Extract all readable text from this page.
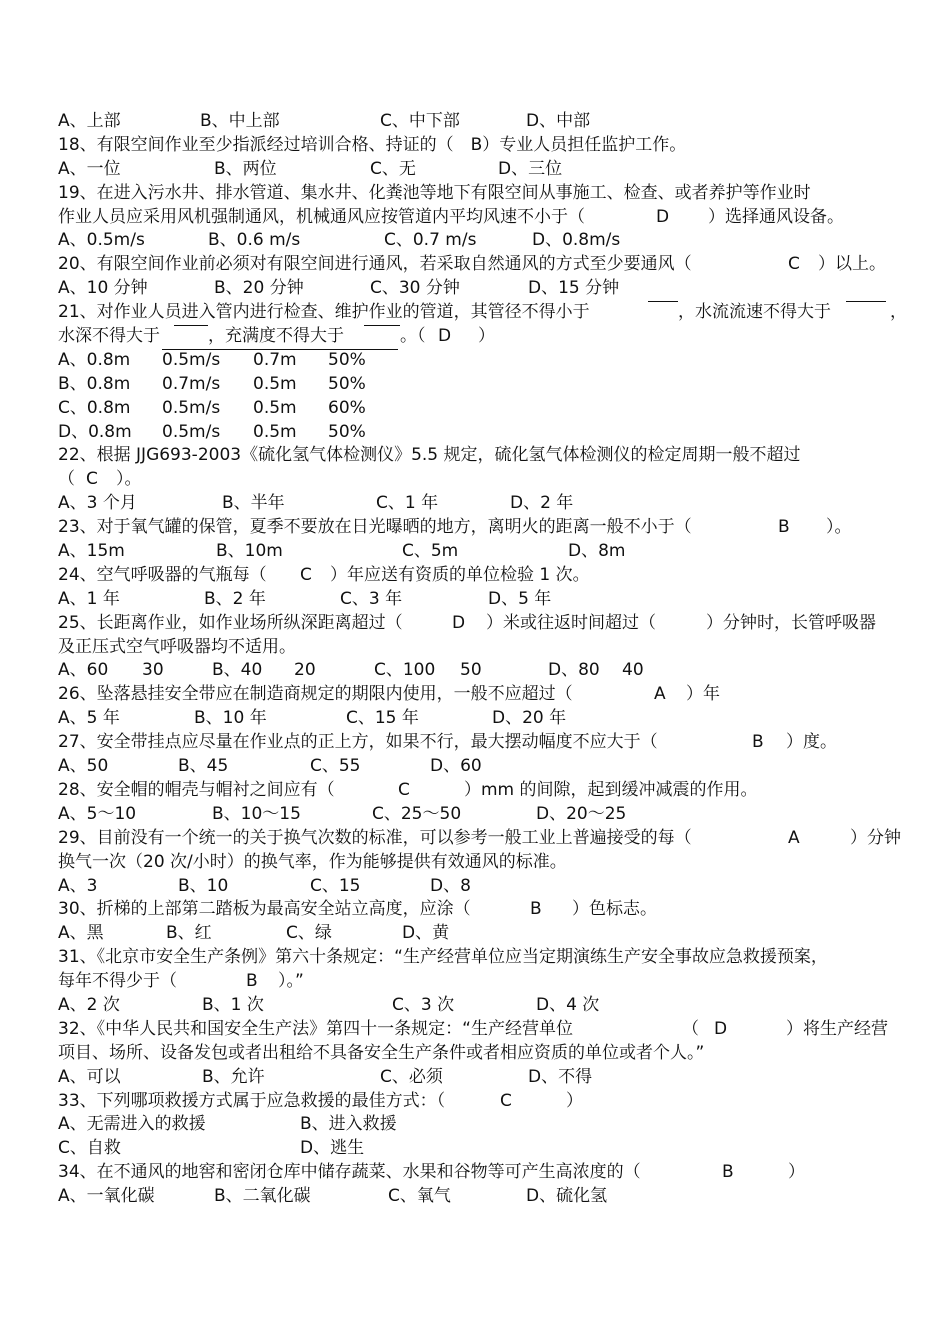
A、上部	B、中上部	C、中下部	D、中部
18、有限空间作业至少指派经过培训合格、持证的（　B）专业人员担任监护工作。
A、一位	B、两位	C、无	D、三位
19、在进入污水井、排水管道、集水井、化粪池等地下有限空间从事施工、检查、或者养护等作业时
作业人员应采用风机强制通风，机械通风应按管道内平均风速不小于（	D ）选择通风设备。
A、0.5m/s	B、0.6 m/s	C、0.7 m/s	D、0.8m/s
20、有限空间作业前必须对有限空间进行通风，若采取自然通风的方式至少要通风（	C ）以上。
A、10 分钟	B、20 分钟	C、30 分钟	D、15 分钟
21、对作业人员进入管内进行检查、维护作业的管道，其管径不得小于	，水流流速不得大于	，
水深不得大于	，充满度不得大于	。（ D ）
A、0.8m 0.5m/s 0.7m 50%
B、0.8m 0.7m/s 0.5m 50%
C、0.8m 0.5m/s 0.5m 60%
D、0.8m 0.5m/s 0.5m 50%
22、根据 JJG693-2003《硫化氢气体检测仪》5.5 规定，硫化氢气体检测仪的检定周期一般不超过
（ C ）。
A、3 个月	B、半年	C、1 年	D、2 年
23、对于氧气罐的保管，夏季不要放在日光曝晒的地方，离明火的距离一般不小于（	B ）。
A、15m	B、10m	C、5m	D、8m
24、空气呼吸器的气瓶每（ C ）年应送有资质的单位检验 1 次。
A、1 年	B、2 年	C、3 年	D、5 年
25、长距离作业，如作业场所纵深距离超过（	D ）米或往返时间超过（	）分钟时，长管呼吸器
及正压式空气呼吸器均不适用。
A、60 30	B、40 20	C、100 50	D、80 40
26、坠落悬挂安全带应在制造商规定的期限内使用，一般不应超过（	A ）年
A、5 年	B、10 年	C、15 年	D、20 年
27、安全带挂点应尽量在作业点的正上方，如果不行，最大摆动幅度不应大于（	B ）度。
A、50	B、45	C、55	D、60
28、安全帽的帽壳与帽衬之间应有（	C	）mm 的间隙，起到缓冲减震的作用。
A、5～10	B、10～15	C、25～50	D、20～25
29、目前没有一个统一的关于换气次数的标准，可以参考一般工业上普遍接受的每（	A	）分钟
换气一次（20 次/小时）的换气率，作为能够提供有效通风的标准。
A、3	B、10	C、15	D、8
30、折梯的上部第二踏板为最高安全站立高度，应涂（	B ）色标志。
A、黑	B、红	C、绿	D、黄
31、《北京市安全生产条例》第六十条规定：“生产经营单位应当定期演练生产安全事故应急救援预案，
每年不得少于（	B ）。”
A、2 次	B、1 次	C、3 次	D、4 次
32、《中华人民共和国安全生产法》第四十一条规定：“生产经营单位	（ D	）将生产经营
项目、场所、设备发包或者出租给不具备安全生产条件或者相应资质的单位或者个人。”
A、可以	B、允许	C、必须	D、不得
33、下列哪项救援方式属于应急救援的最佳方式：（	C	）
A、无需进入的救援	B、进入救援
C、自救	D、逃生
34、在不通风的地窖和密闭仓库中储存蔬菜、水果和谷物等可产生高浓度的（	B	）
A、一氧化碳	B、二氧化碳	C、氧气	D、硫化氢
